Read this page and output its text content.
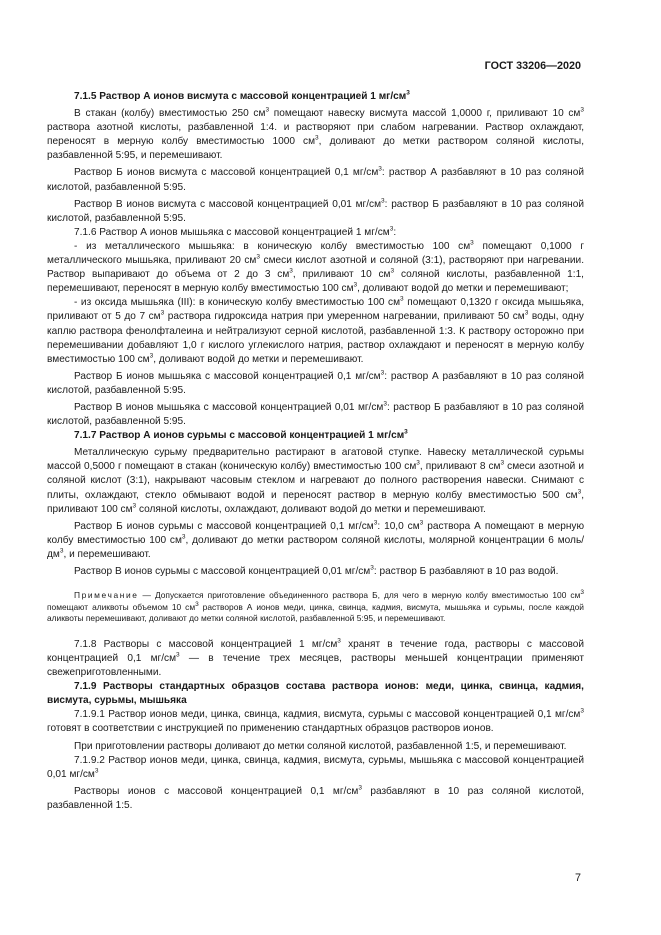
ГОСТ 33206—2020

7.1.5 Раствор А ионов висмута с массовой концентрацией 1 $мг/см^3$

В стакан (колбу) вместимостью 250 $см^3$ помещают навеску висмута массой 1,0000 г, приливают 10 $см^3$ раствора азотной кислоты, разбавленной 1:4. и растворяют при слабом нагревании. Раствор охлаждают, переносят в мерную колбу вместимостью 1000 $см^3$, доливают до метки раствором соляной кислоты, разбавленной 5:95, и перемешивают.

Раствор Б ионов висмута с массовой концентрацией 0,1 $мг/см^3$: раствор А разбавляют в 10 раз соляной кислотой, разбавленной 5:95.

Раствор В ионов висмута с массовой концентрацией 0,01 $мг/см^3$: раствор Б разбавляют в 10 раз соляной кислотой, разбавленной 5:95.

7.1.6 Раствор А ионов мышьяка с массовой концентрацией 1 $мг/см^3$:

- из металлического мышьяка: в коническую колбу вместимостью 100 $см^3$ помещают 0,1000 г металлического мышьяка, приливают 20 $см^3$ смеси кислот азотной и соляной (3:1), растворяют при нагревании. Раствор выпаривают до объема от 2 до 3 $см^3$, приливают 10 $см^3$ соляной кислоты, разбавленной 1:1, перемешивают, переносят в мерную колбу вместимостью 100 $см^3$, доливают водой до метки и перемешивают;

- из оксида мышьяка (III): в коническую колбу вместимостью 100 $см^3$ помещают 0,1320 г оксида мышьяка, приливают от 5 до 7 $см^3$ раствора гидроксида натрия при умеренном нагревании, приливают 50 $см^3$ воды, одну каплю раствора фенолфталеина и нейтрализуют серной кислотой, разбавленной 1:3. К раствору осторожно при перемешивании добавляют 1,0 г кислого углекислого натрия, раствор охлаждают и переносят в мерную колбу вместимостью 100 $см^3$, доливают водой до метки и перемешивают.

Раствор Б ионов мышьяка с массовой концентрацией 0,1 $мг/см^3$: раствор А разбавляют в 10 раз соляной кислотой, разбавленной 5:95.

Раствор В ионов мышьяка с массовой концентрацией 0,01 $мг/см^3$: раствор Б разбавляют в 10 раз соляной кислотой, разбавленной 5:95.

7.1.7 Раствор А ионов сурьмы с массовой концентрацией 1 $мг/см^3$

Металлическую сурьму предварительно растирают в агатовой ступке. Навеску металлической сурьмы массой 0,5000 г помещают в стакан (коническую колбу) вместимостью 100 $см^3$, приливают 8 $см^3$ смеси азотной и соляной кислот (3:1), накрывают часовым стеклом и нагревают до полного растворения навески. Снимают с плиты, охлаждают, стекло обмывают водой и переносят раствор в мерную колбу вместимостью 500 $см^3$, приливают 100 $см^3$ соляной кислоты, охлаждают, доливают водой до метки и перемешивают.

Раствор Б ионов сурьмы с массовой концентрацией 0,1 $мг/см^3$: 10,0 $см^3$ раствора А помещают в мерную колбу вместимостью 100 $см^3$, доливают до метки раствором соляной кислоты, молярной концентрации 6 моль/$дм^3$, и перемешивают.

Раствор В ионов сурьмы с массовой концентрацией 0,01 $мг/см^3$: раствор Б разбавляют в 10 раз водой.

Примечание — Допускается приготовление объединенного раствора Б, для чего в мерную колбу вместимостью 100 $см^3$ помещают аликвоты объемом 10 $см^3$ растворов А ионов меди, цинка, свинца, кадмия, висмута, мышьяка и сурьмы, после каждой аликвоты перемешивают, доливают до метки соляной кислотой, разбавленной 5:95, и перемешивают.

7.1.8 Растворы с массовой концентрацией 1 $мг/см^3$ хранят в течение года, растворы с массовой концентрацией 0,1 $мг/см^3$ — в течение трех месяцев, растворы меньшей концентрации применяют свежеприготовленными.

7.1.9 Растворы стандартных образцов состава раствора ионов: меди, цинка, свинца, кадмия, висмута, сурьмы, мышьяка

7.1.9.1 Раствор ионов меди, цинка, свинца, кадмия, висмута, сурьмы с массовой концентрацией 0,1 $мг/см^3$ готовят в соответствии с инструкцией по применению стандартных образцов растворов ионов.

При приготовлении растворы доливают до метки соляной кислотой, разбавленной 1:5, и перемешивают.

7.1.9.2 Раствор ионов меди, цинка, свинца, кадмия, висмута, сурьмы, мышьяка с массовой концентрацией 0,01 $мг/см^3$

Растворы ионов с массовой концентрацией 0,1 $мг/см^3$ разбавляют в 10 раз соляной кислотой, разбавленной 1:5.

7
